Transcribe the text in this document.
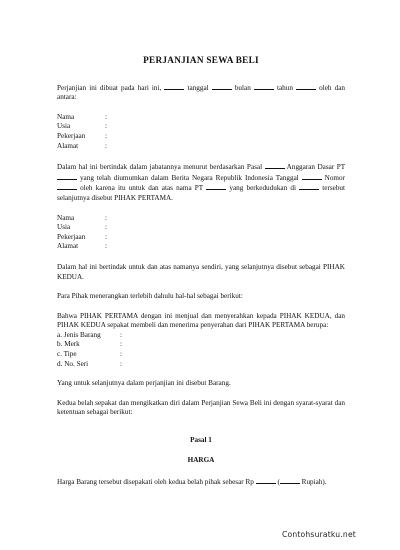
PERJANJIAN SEWA BELI

Perjanjian ini dibuat pada hari ini,	tanggal	bulan	tahun	oleh dan antara:

Nama	:
Usia	:
Pekerjaan	:
Alamat	:

Dalam hal ini bertindak dalam jabatannya menurut berdasarkan Pasal	Anggaran Dasar PT  yang telah diumumkan dalam Berita Negara Republik Indonesia Tanggal	Nomor  oleh karena itu untuk dan atas nama PT	yang berkedudukan di	tersebut selanjutnya disebut PIHAK PERTAMA.

Nama	:
Usia	:
Pekerjaan	:
Alamat	:

Dalam hal ini bertindak untuk dan atas namanya sendiri, yang selanjutnya disebut sebagai PIHAK KEDUA.

Para Pihak menerangkan terlebih dahulu hal-hal sebagai berikut:

Bahwa PIHAK PERTAMA dengan ini menjual dan menyerahkan kepada PIHAK KEDUA, dan PIHAK KEDUA sepakat membeli dan menerima penyerahan dari PIHAK PERTAMA berupa:

a. Jenis Barang	:
b. Merk	:
c. Tipe	:
d. No. Seri	:

Yang untuk selanjutnya dalam perjanjian ini disebut Barang.

Kedua belah sepakat dan mengikatkan diri dalam Perjanjian Sewa Beli ini dengan syarat-syarat dan ketentuan sebagai berikut:

Pasal 1
HARGA

Harga Barang tersebut disepakati oleh kedua belah pihak sebesar Rp	(	Rupiah).

Contohsuratku.net
